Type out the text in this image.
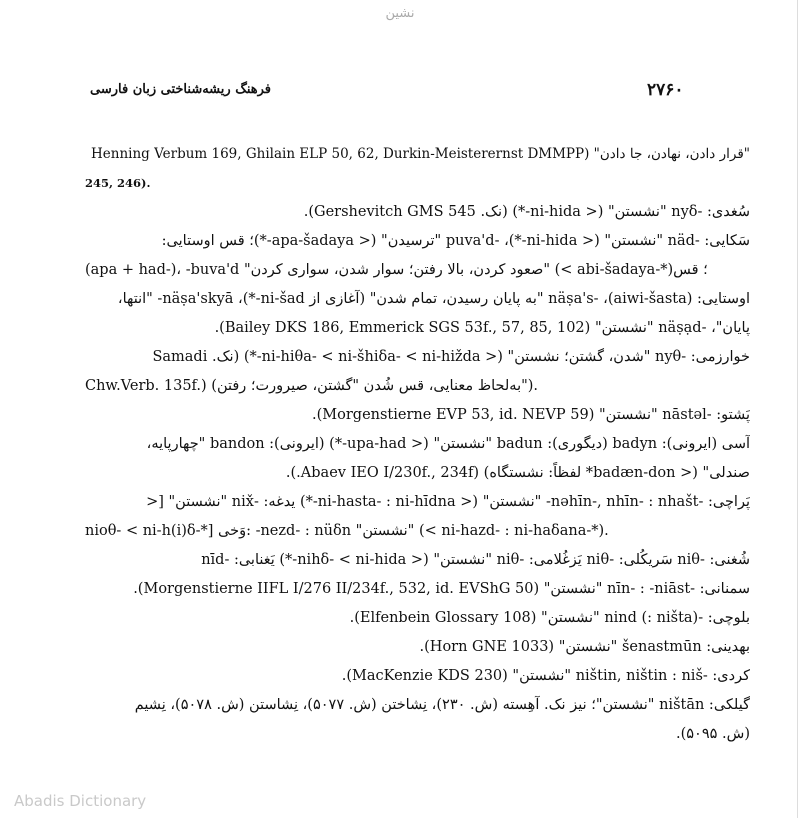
نشین
۲۷۶۰
فرهنگ ریشه‌شناختی زبان فارسی
"قرار دادن، نهادن، جا دادن" (Henning Verbum 169, Ghilain ELP 50, 62, Durkin-Meisterernst DMMPP
245, 246).
سُغدی: -nyδ "نشستن" (< ni-hida-*) (نک. Gershevitch GMS 545).
سَکایی: -näd "نشستن" (< ni-hida-*)، -puva'd "ترسیدن" (< apa-šadaya-*)؛ قس اوستایی:
(apa + had-)، -buva'd "صعود کردن، بالا رفتن؛ سوار شدن، سواری کردن" (< abi-šadaya-*)؛ قس
اوستایی: (aiwi-šasta)، -näṣa's "به پایان رسیدن، تمام شدن" (آغازی از ni-šad-*)، näṣa'skyā- "انتها،
پایان"، -näṣạd "نشستن" (Bailey DKS 186, Emmerick SGS 53f., 57, 85, 102).
خوارزمی: -nyθ "شدن، گشتن؛ نشستن" (< ni-hiθa- < ni-šhiδa- < ni-hižda-*) (نک. Samadi
Chw.Verb. 135f.) (به‌لحاظ معنایی، قس شُدن "گشتن، صیرورت؛ رفتن").
پَشتو: -nāstəl "نشستن" (Morgenstierne EVP 53, id. NEVP 59).
آسی (ایرونی): badyn (دیگوری): badun "نشستن" (< upa-had-*) (ایرونی): bandon "چهارپایه،
صندلی" (< badæn-don* لفظاً: نشستگاه) (Abaev IEO I/230f., 234f.).
پَراچی: -nəhīn-, nhīn- : nhašt- "نشستن" (< ni-hasta- : ni-hīdna-*) یدغه: -nix̌ "نشستن" [<
nioθ- < ni-h(i)δ-*] وَخی: -nezd- : nüδn "نشستن" (< ni-hazd- : ni-haδana-*).
شُغنی: -niθ سَریکُلی: -niθ یَزغُلامی: -niθ "نشستن" (< nihδ- < ni-hida-*) یَغنابی: -nīd
سمنانی: -nīn- : -niāst "نشستن" (Morgenstierne IIFL I/276 II/234f., 532, id. EVShG 50).
بلوچی: -nind (: ništa) "نشستن" (Elfenbein Glossary 108).
بهدینی: šenastmūn "نشستن" (Horn GNE 1033).
کردی: -ništin, ništin : niš "نشستن" (MacKenzie KDS 230).
گیلکی: ništān "نشستن"؛ نیز نک. آهِسته (ش. ۲۳۰)، نِشاختن (ش. ۵۰۷۷)، نِشاستن (ش. ۵۰۷۸)، نِشیم
(ش. ۵۰۹۵).
Abadis Dictionary
